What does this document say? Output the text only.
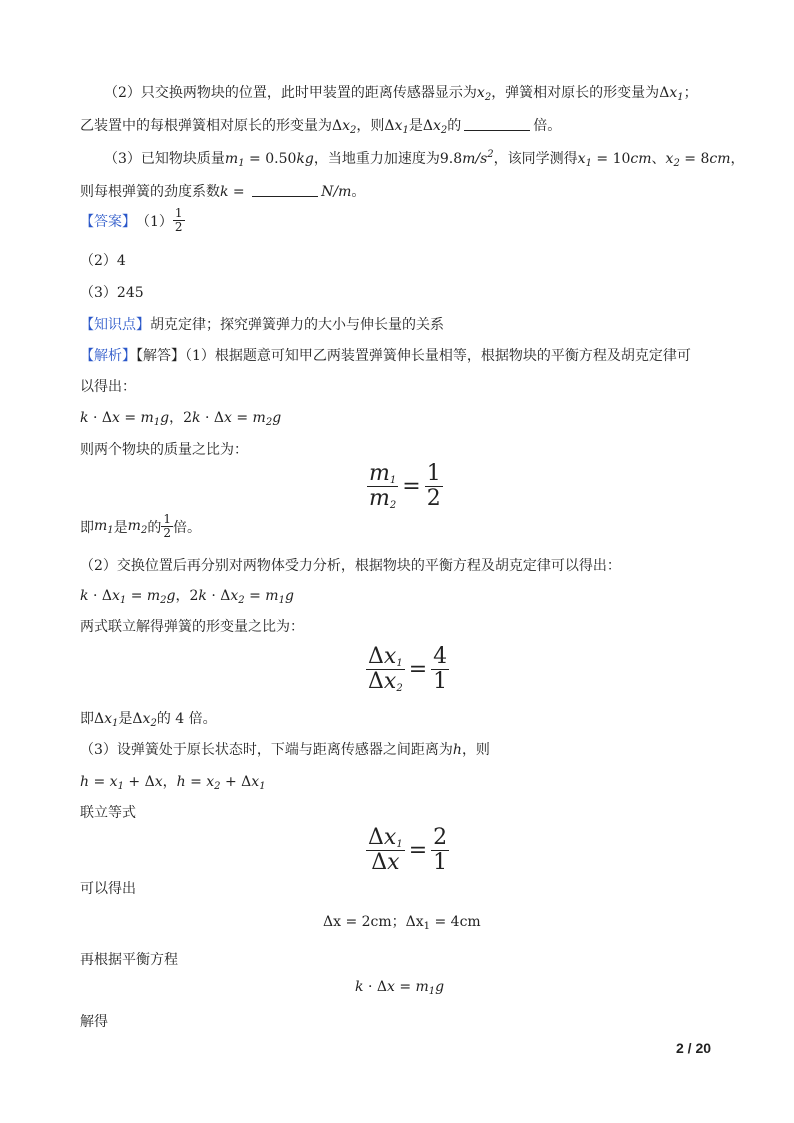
（2）只交换两物块的位置，此时甲装置的距离传感器显示为$x_2$，弹簧相对原长的形变量为$\Delta x_1$；
乙装置中的每根弹簧相对原长的形变量为$\Delta x_2$，则$\Delta x_1$是$\Delta x_2$的	倍。
（3）已知物块质量$m_1 = 0.50kg$，当地重力加速度为$9.8m/s^2$，该同学测得$x_1 = 10cm$、$x_2 = 8cm$，
则每根弹簧的劲度系数k =	N/m。
【答案】 $(1) \frac{1}{2}$
（2）4
（3）245
【知识点】胡克定律；探究弹簧弹力的大小与伸长量的关系
【解析】【解答】（1）根据题意可知甲乙两装置弹簧伸长量相等，根据物块的平衡方程及胡克定律可
以得出：
$k \cdot \Delta x = m_1g$，$2k \cdot \Delta x = m_2g$
则两个物块的质量之比为：
$\frac{m_1}{m_2} = \frac{1}{2}$
即 $m_1$ 是 $m_2$ 的 $\frac{1}{2}$ 倍。
（2）交换位置后再分别对两物体受力分析，根据物块的平衡方程及胡克定律可以得出：
$k \cdot \Delta x_1 = m_2g$，$2k \cdot \Delta x_2 = m_1g$
两式联立解得弹簧的形变量之比为：
$\frac{\Delta x_1}{\Delta x_2} = \frac{4}{1}$
即$\Delta x_1$是$\Delta x_2$的 4 倍。
（3）设弹簧处于原长状态时，下端与距离传感器之间距离为h，则
$h = x_1 + \Delta x$，$h = x_2 + \Delta x_1$
联立等式
$\frac{\Delta x_1}{\Delta x} = \frac{2}{1}$
可以得出
Δx = 2cm；$\Delta x_1 = 4cm$
再根据平衡方程
$k \cdot \Delta x = m_1g$
解得
2 / 20
